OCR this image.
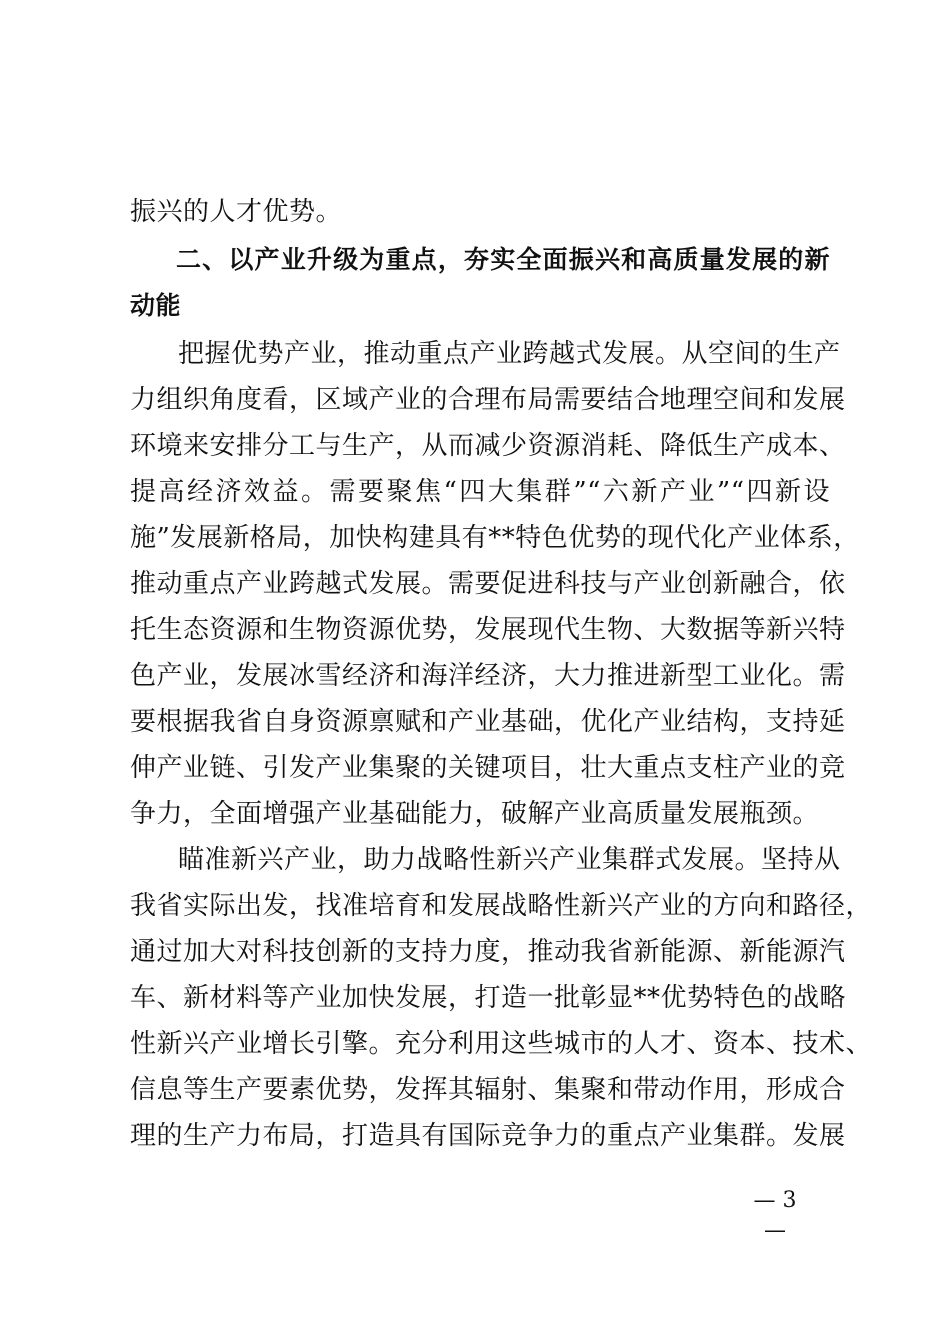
振兴的人才优势。
二、以产业升级为重点，夯实全面振兴和高质量发展的新
动能
把握优势产业，推动重点产业跨越式发展。从空间的生产
力组织角度看，区域产业的合理布局需要结合地理空间和发展
环境来安排分工与生产，从而减少资源消耗、降低生产成本、
提高经济效益。需要聚焦“四大集群”“六新产业”“四新设
施”发展新格局，加快构建具有**特色优势的现代化产业体系，
推动重点产业跨越式发展。需要促进科技与产业创新融合，依
托生态资源和生物资源优势，发展现代生物、大数据等新兴特
色产业，发展冰雪经济和海洋经济，大力推进新型工业化。需
要根据我省自身资源禀赋和产业基础，优化产业结构，支持延
伸产业链、引发产业集聚的关键项目，壮大重点支柱产业的竞
争力，全面增强产业基础能力，破解产业高质量发展瓶颈。
瞄准新兴产业，助力战略性新兴产业集群式发展。坚持从
我省实际出发，找准培育和发展战略性新兴产业的方向和路径，
通过加大对科技创新的支持力度，推动我省新能源、新能源汽
车、新材料等产业加快发展，打造一批彰显**优势特色的战略
性新兴产业增长引擎。充分利用这些城市的人才、资本、技术、
信息等生产要素优势，发挥其辐射、集聚和带动作用，形成合
理的生产力布局，打造具有国际竞争力的重点产业集群。发展
— 3 —
